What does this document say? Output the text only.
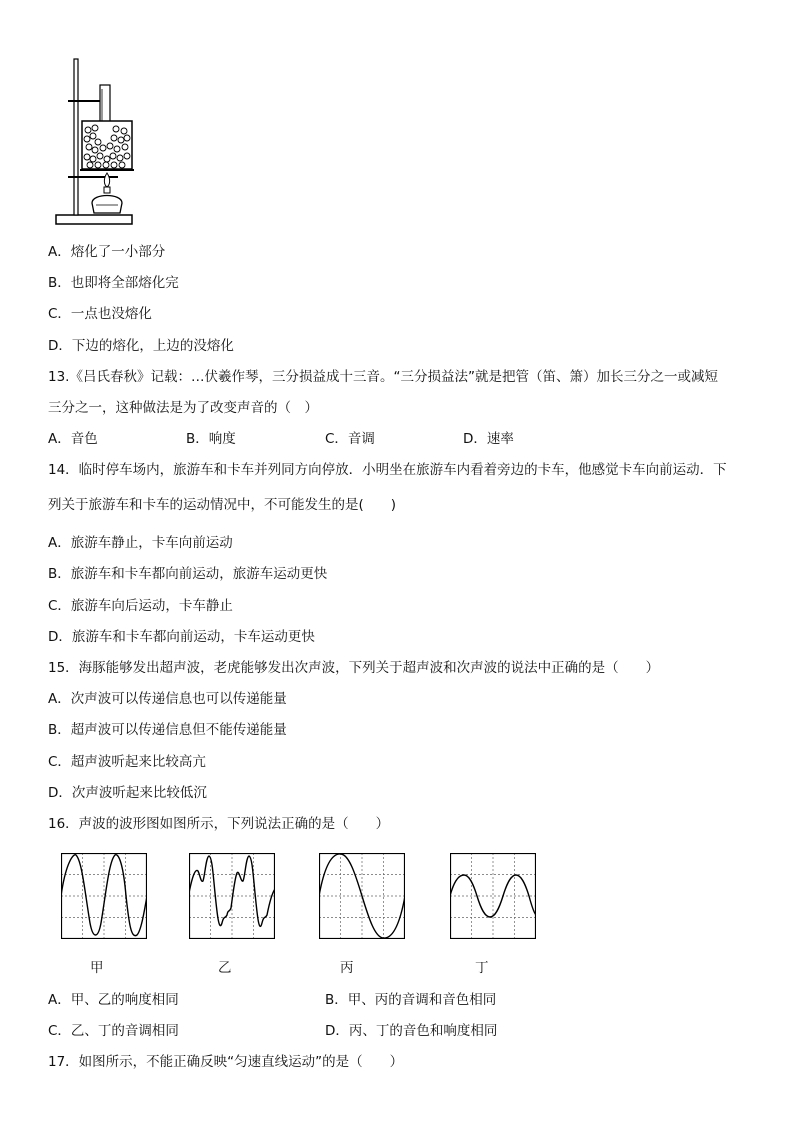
A．熔化了一小部分
B．也即将全部熔化完
C．一点也没熔化
D．下边的熔化，上边的没熔化
13.《吕氏春秋》记载：…伏羲作琴，三分损益成十三音。“三分损益法”就是把管（笛、箫）加长三分之一或减短
三分之一，这种做法是为了改变声音的（　）
A．音色	B．响度	C．音调	D．速率
14．临时停车场内，旅游车和卡车并列同方向停放．小明坐在旅游车内看着旁边的卡车，他感觉卡车向前运动．下
列关于旅游车和卡车的运动情况中，不可能发生的是(　　)
A．旅游车静止，卡车向前运动
B．旅游车和卡车都向前运动，旅游车运动更快
C．旅游车向后运动，卡车静止
D．旅游车和卡车都向前运动，卡车运动更快
15．海豚能够发出超声波，老虎能够发出次声波，下列关于超声波和次声波的说法中正确的是（　　）
A．次声波可以传递信息也可以传递能量
B．超声波可以传递信息但不能传递能量
C．超声波听起来比较高亢
D．次声波听起来比较低沉
16．声波的波形图如图所示，下列说法正确的是（　　）
甲	乙	丙	丁
A．甲、乙的响度相同	B．甲、丙的音调和音色相同
C．乙、丁的音调相同	D．丙、丁的音色和响度相同
17．如图所示，不能正确反映“匀速直线运动”的是（　　）
